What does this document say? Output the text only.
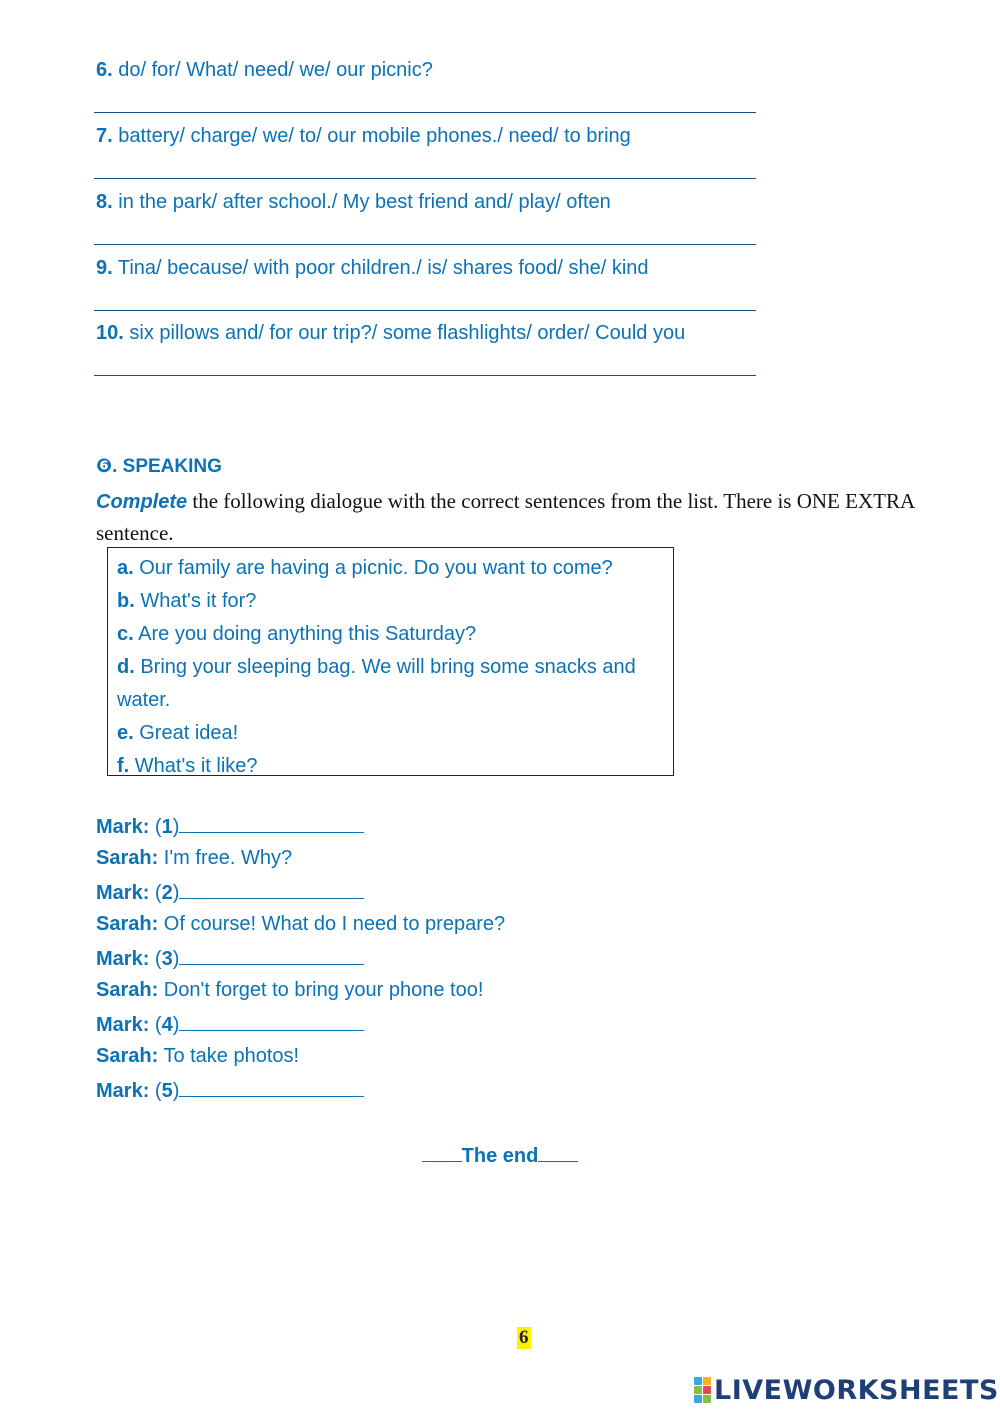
6. do/ for/ What/ need/ we/ our picnic?
7. battery/ charge/ we/ to/ our mobile phones./ need/ to bring
8. in the park/ after school./ My best friend and/ play/ often
9. Tina/ because/ with poor children./ is/ shares food/ she/ kind
10. six pillows and/ for our trip?/ some flashlights/ order/ Could you
❻. SPEAKING
Complete the following dialogue with the correct sentences from the list. There is ONE EXTRA sentence.
a. Our family are having a picnic. Do you want to come?
b. What's it for?
c. Are you doing anything this Saturday?
d. Bring your sleeping bag. We will bring some snacks and water.
e. Great idea!
f. What's it like?
Mark: (1)
Sarah: I'm free. Why?
Mark: (2)
Sarah: Of course! What do I need to prepare?
Mark: (3)
Sarah: Don't forget to bring your phone too!
Mark: (4)
Sarah: To take photos!
Mark: (5)
The end
6
LIVEWORKSHEETS
